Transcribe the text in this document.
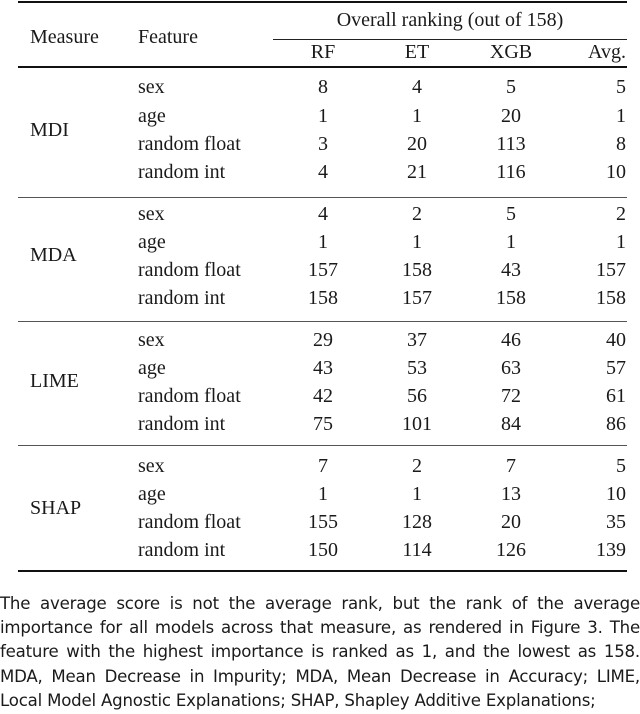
Measure Feature
Overall ranking (out of 158)
RF	ET	XGB	Avg.
MDI
sex	8	4	5	5
age	1	1	20	1
random float	3	20	113	8
random int	4	21	116	10
MDA
sex	4	2	5	2
age	1	1	1	1
random float	157	158	43	157
random int	158	157	158	158
LIME
sex	29	37	46	40
age	43	53	63	57
random float	42	56	72	61
random int	75	101	84	86
SHAP
sex	7	2	7	5
age	1	1	13	10
random float	155	128	20	35
random int	150	114	126	139

The average score is not the average rank, but the rank of the average importance for all models across that measure, as rendered in Figure 3. The feature with the highest importance is ranked as 1, and the lowest as 158. MDA, Mean Decrease in Impurity; MDA, Mean Decrease in Accuracy; LIME, Local Model Agnostic Explanations; SHAP, Shapley Additive Explanations;
